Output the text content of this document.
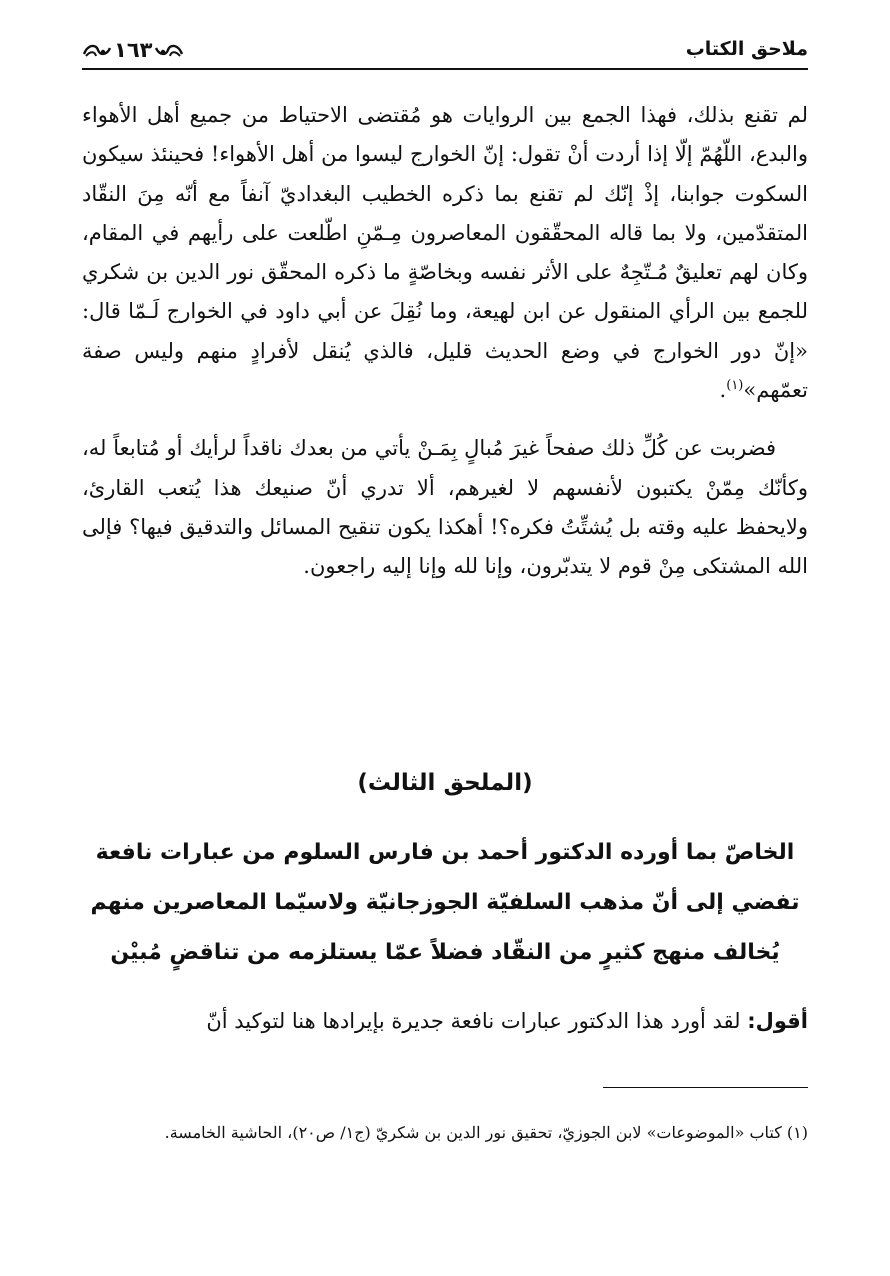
ملاحق الكتاب
١٦٣

لم تقنع بذلك، فهذا الجمع بين الروايات هو مُقتضى الاحتياط من جميع أهل الأهواء والبدع، اللّهُمّ إلّا إذا أردت أنْ تقول: إنّ الخوارج ليسوا من أهل الأهواء! فحينئذ سيكون السكوت جوابنا، إذْ إنّك لم تقنع بما ذكره الخطيب البغداديّ آنفاً مع أنّه مِنَ النقّاد المتقدّمين، ولا بما قاله المحقّقون المعاصرون مِـمّنِ اطّلعت على رأيهم في المقام، وكان لهم تعليقٌ مُـتّجِهٌ على الأثر نفسه وبخاصّةٍ ما ذكره المحقّق نور الدين بن شكري للجمع بين الرأي المنقول عن ابن لهيعة، وما نُقِلَ عن أبي داود في الخوارج لَـمّا قال: «إنّ دور الخوارج في وضع الحديث قليل، فالذي يُنقل لأفرادٍ منهم وليس صفة تعمّهم»$^{(١)}$.

فضربت عن كُلِّ ذلك صفحاً غيرَ مُبالٍ بِمَـنْ يأتي من بعدك ناقداً لرأيك أو مُتابعاً له، وكأنّك مِمّنْ يكتبون لأنفسهم لا لغيرهم، ألا تدري أنّ صنيعك هذا يُتعب القارئ، ولايحفظ عليه وقته بل يُشتِّتُ فكره؟! أهكذا يكون تنقيح المسائل والتدقيق فيها؟ فإلى الله المشتكى مِنْ قوم لا يتدبّرون، وإنا لله وإنا إليه راجعون.

(الملحق الثالث)
الخاصّ بما أورده الدكتور أحمد بن فارس السلوم من عبارات نافعة تفضي إلى أنّ مذهب السلفيّة الجوزجانيّة ولاسيّما المعاصرين منهم يُخالف منهج كثيرٍ من النقّاد فضلاً عمّا يستلزمه من تناقضٍ مُبيْن
أقول: لقد أورد هذا الدكتور عبارات نافعة جديرة بإيرادها هنا لتوكيد أنّ
(١) كتاب «الموضوعات» لابن الجوزيّ، تحقيق نور الدين بن شكريّ (ج١/ ص٢٠)، الحاشية الخامسة.
